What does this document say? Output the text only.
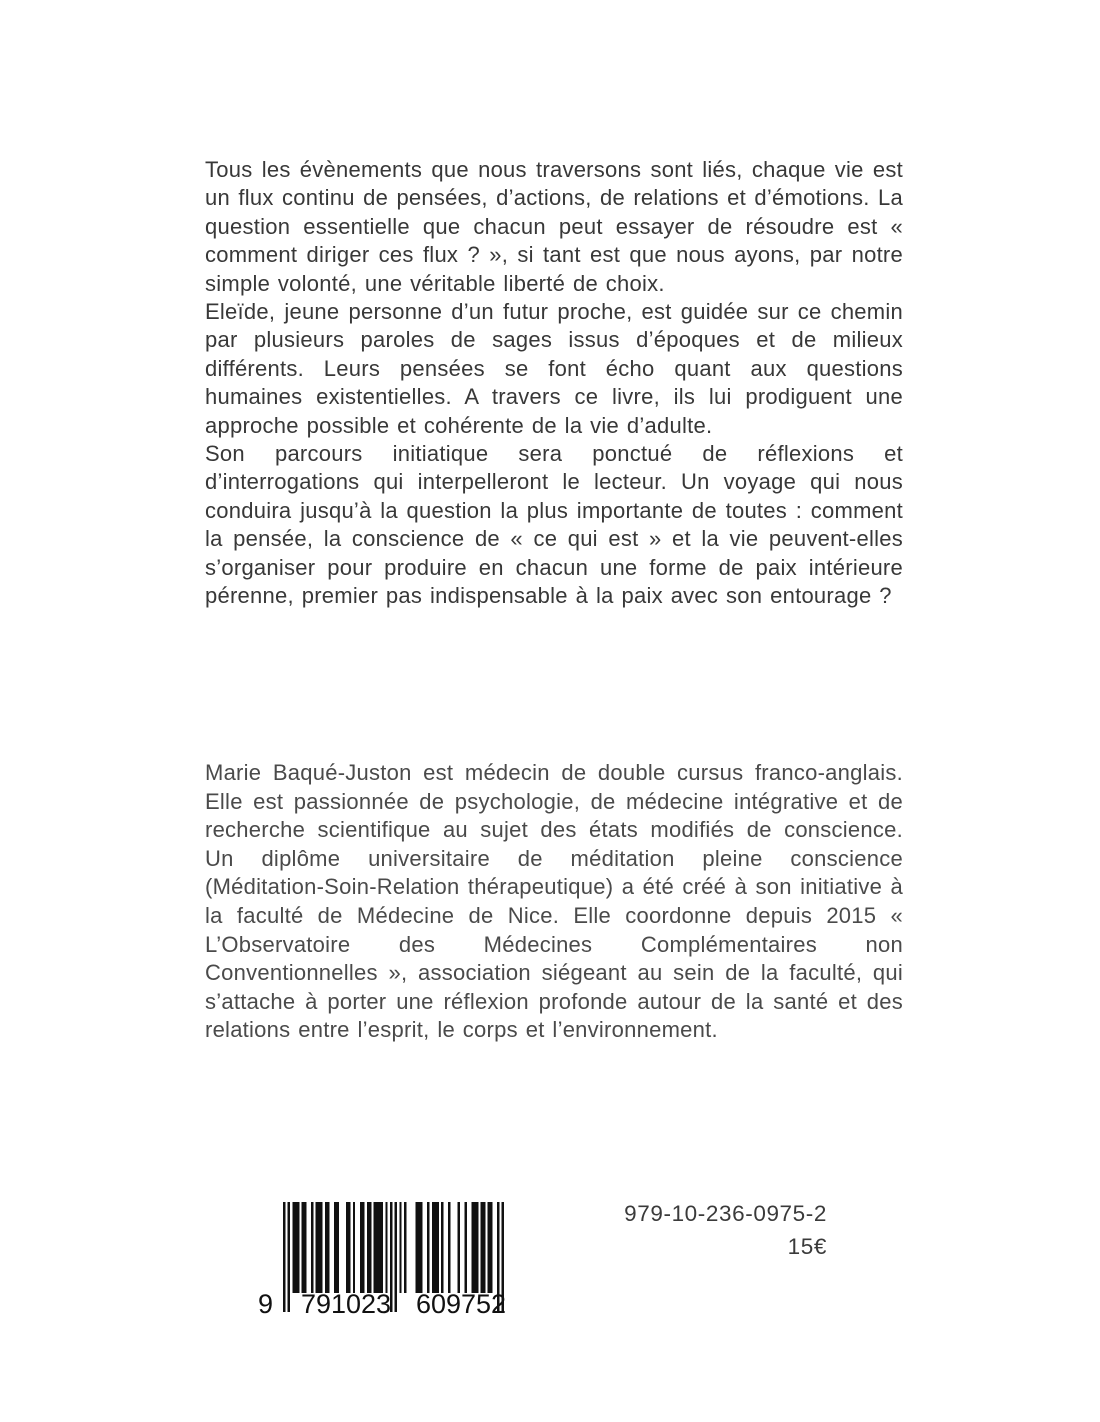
Tous les évènements que nous traversons sont liés, chaque vie est un flux continu de pensées, d’actions, de relations et d’émotions. La question essentielle que chacun peut essayer de résoudre est « comment diriger ces flux ? », si tant est que nous ayons, par notre simple volonté, une véritable liberté de choix.

Eleïde, jeune personne d’un futur proche, est guidée sur ce chemin par plusieurs paroles de sages issus d’époques et de milieux différents. Leurs pensées se font écho quant aux questions humaines existentielles. A travers ce livre, ils lui prodiguent une approche possible et cohérente de la vie d’adulte.

Son parcours initiatique sera ponctué de réflexions et d’interrogations qui interpelleront le lecteur. Un voyage qui nous conduira jusqu’à la question la plus importante de toutes : comment la pensée, la conscience de « ce qui est » et la vie peuvent-elles s’organiser pour produire en chacun une forme de paix intérieure pérenne, premier pas indispensable à la paix avec son entourage ?

Marie Baqué-Juston est médecin de double cursus franco-anglais. Elle est passionnée de psychologie, de médecine intégrative et de recherche scientifique au sujet des états modifiés de conscience. Un diplôme universitaire de méditation pleine conscience (Méditation-Soin-Relation thérapeutique) a été créé à son initiative à la faculté de Médecine de Nice. Elle coordonne depuis 2015 « L’Observatoire des Médecines Complémentaires non Conventionnelles », association siégeant au sein de la faculté, qui s’attache à porter une réflexion profonde autour de la santé et des relations entre l’esprit, le corps et l’environnement.

9 791023 609752
979-10-236-0975-2
15€
